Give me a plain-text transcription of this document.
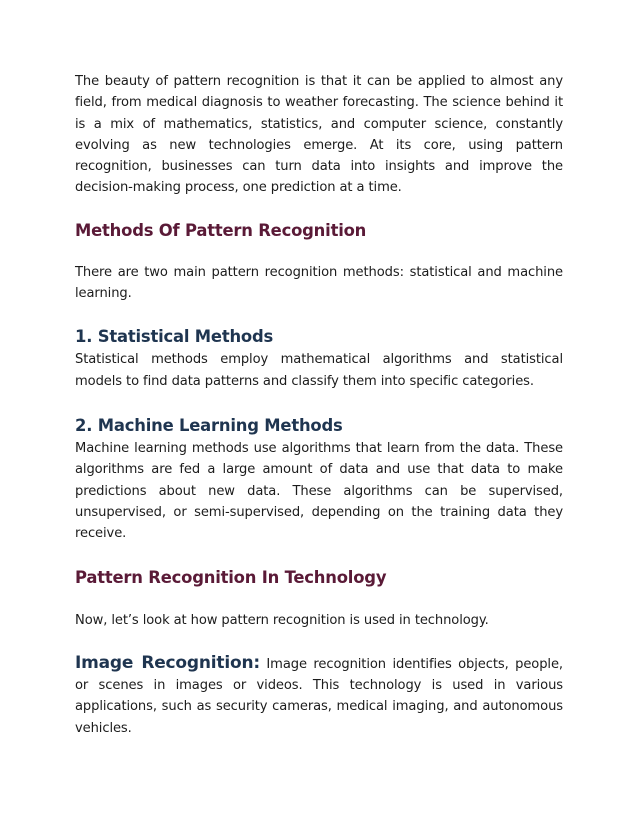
The beauty of pattern recognition is that it can be applied to almost any field, from medical diagnosis to weather forecasting. The science behind it is a mix of mathematics, statistics, and computer science, constantly evolving as new technologies emerge. At its core, using pattern recognition, businesses can turn data into insights and improve the decision-making process, one prediction at a time.

Methods Of Pattern Recognition

There are two main pattern recognition methods: statistical and machine learning.

1. Statistical Methods

Statistical methods employ mathematical algorithms and statistical models to find data patterns and classify them into specific categories.

2. Machine Learning Methods

Machine learning methods use algorithms that learn from the data. These algorithms are fed a large amount of data and use that data to make predictions about new data. These algorithms can be supervised, unsupervised, or semi-supervised, depending on the training data they receive.

Pattern Recognition In Technology

Now, let’s look at how pattern recognition is used in technology.

Image Recognition: Image recognition identifies objects, people, or scenes in images or videos. This technology is used in various applications, such as security cameras, medical imaging, and autonomous vehicles.
